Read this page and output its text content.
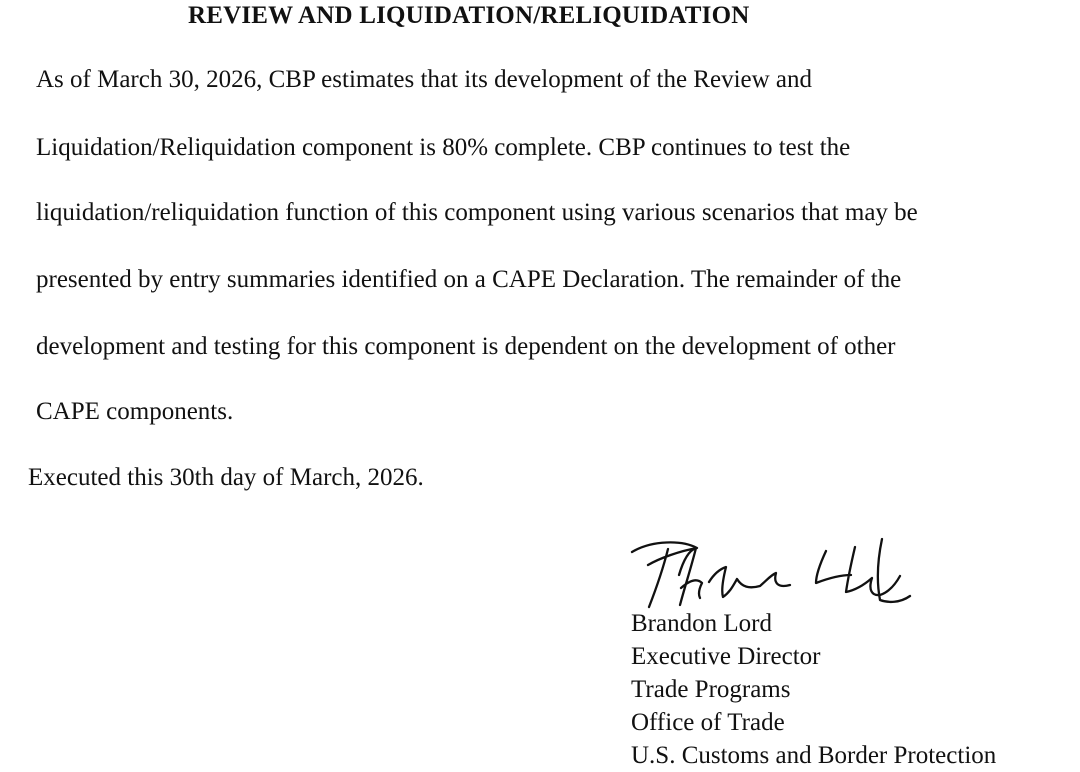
REVIEW AND LIQUIDATION/RELIQUIDATION

As of March 30, 2026, CBP estimates that its development of the Review and

Liquidation/Reliquidation component is 80% complete. CBP continues to test the

liquidation/reliquidation function of this component using various scenarios that may be

presented by entry summaries identified on a CAPE Declaration. The remainder of the

development and testing for this component is dependent on the development of other

CAPE components.

Executed this 30th day of March, 2026.

Brandon Lord
Executive Director
Trade Programs
Office of Trade
U.S. Customs and Border Protection
